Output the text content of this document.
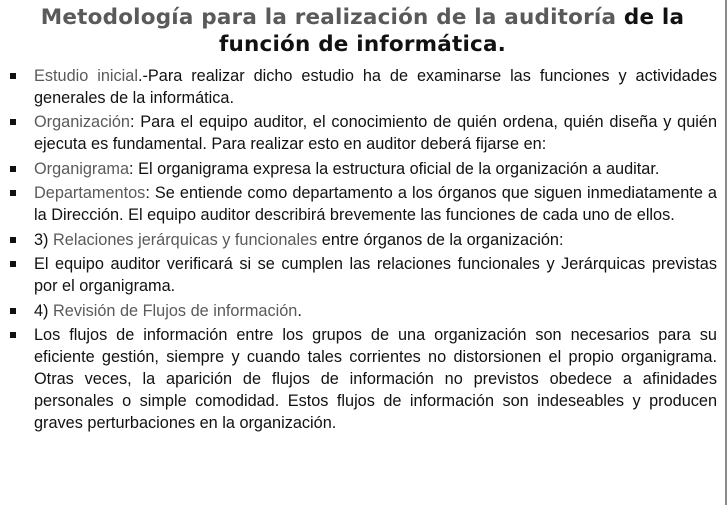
Metodología para la realización de la auditoría de la función de informática.
Estudio inicial.-Para realizar dicho estudio ha de examinarse las funciones y actividades generales de la informática.
Organización: Para el equipo auditor, el conocimiento de quién ordena, quién diseña y quién ejecuta es fundamental. Para realizar esto en auditor deberá fijarse en:
Organigrama: El organigrama expresa la estructura oficial de la organización a auditar.
Departamentos: Se entiende como departamento a los órganos que siguen inmediatamente a la Dirección. El equipo auditor describirá brevemente las funciones de cada uno de ellos.
3) Relaciones jerárquicas y funcionales entre órganos de la organización:
El equipo auditor verificará si se cumplen las relaciones funcionales y Jerárquicas previstas por el organigrama.
4) Revisión de Flujos de información.
Los flujos de información entre los grupos de una organización son necesarios para su eficiente gestión, siempre y cuando tales corrientes no distorsionen el propio organigrama. Otras veces, la aparición de flujos de información no previstos obedece a afinidades personales o simple comodidad. Estos flujos de información son indeseables y producen graves perturbaciones en la organización.
